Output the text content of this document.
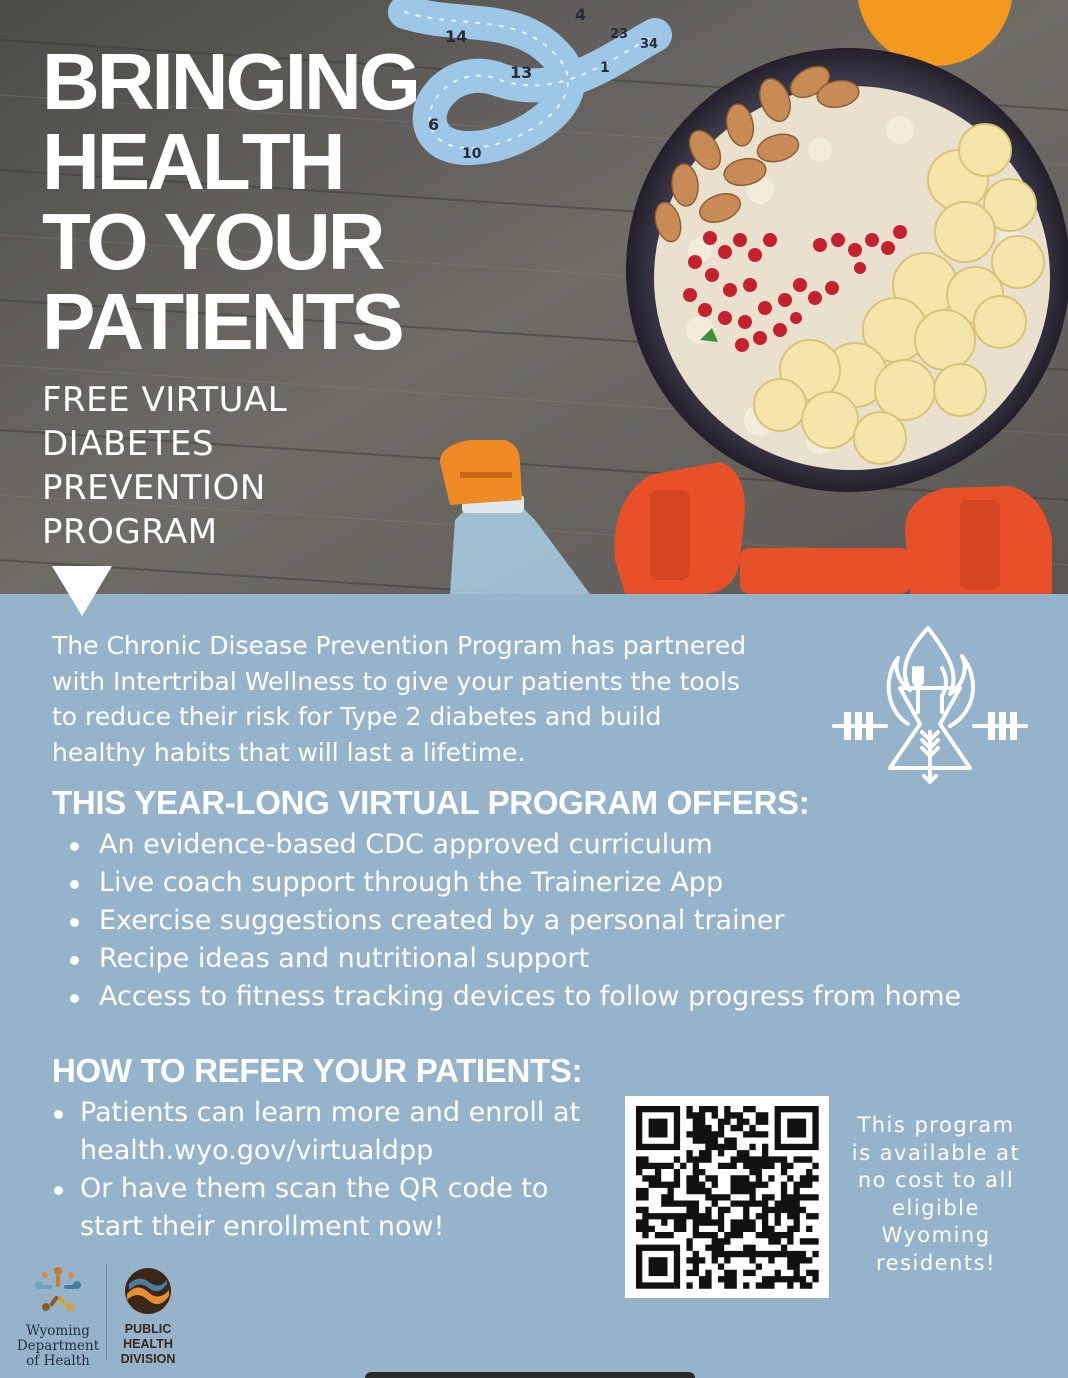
14
13
6
10
4
23
34
1
BRINGING
HEALTH
TO YOUR
PATIENTS
FREE VIRTUAL
DIABETES
PREVENTION
PROGRAM
The Chronic Disease Prevention Program has partnered
with Intertribal Wellness to give your patients the tools
to reduce their risk for Type 2 diabetes and build
healthy habits that will last a lifetime.
THIS YEAR-LONG VIRTUAL PROGRAM OFFERS:
An evidence-based CDC approved curriculum
Live coach support through the Trainerize App
Exercise suggestions created by a personal trainer
Recipe ideas and nutritional support
Access to fitness tracking devices to follow progress from home
HOW TO REFER YOUR PATIENTS:
Patients can learn more and enroll at
health.wyo.gov/virtualdpp
Or have them scan the QR code to
start their enrollment now!
This program
is available at
no cost to all
eligible
Wyoming
residents!
Wyoming
Department
of Health
PUBLIC
HEALTH
DIVISION
